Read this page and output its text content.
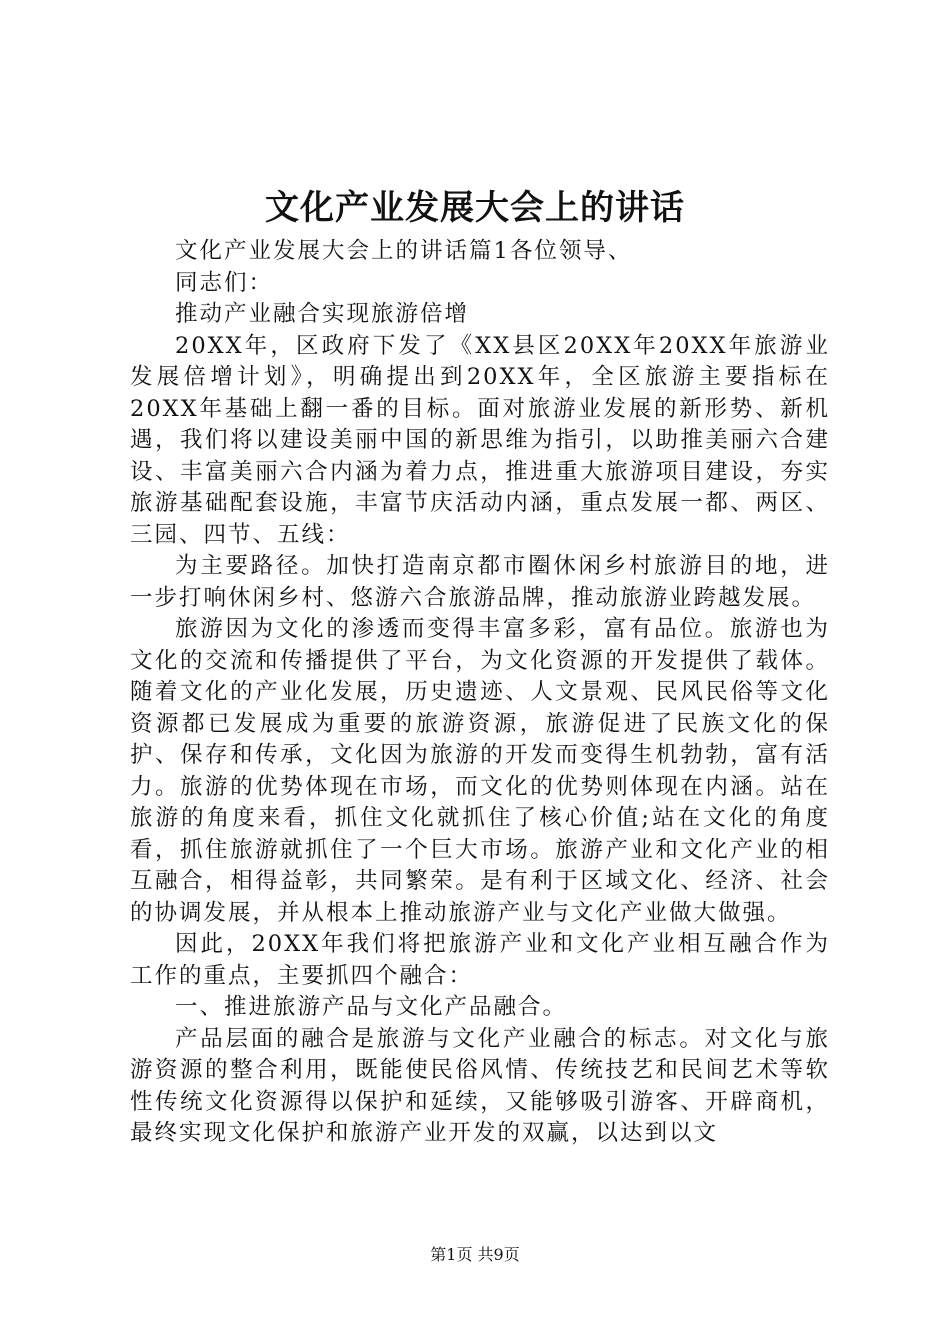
文化产业发展大会上的讲话

文化产业发展大会上的讲话篇1各位领导、

同志们：

推动产业融合实现旅游倍增

20XX年，区政府下发了《XX县区20XX年20XX年旅游业发展倍增计划》，明确提出到20XX年，全区旅游主要指标在20XX年基础上翻一番的目标。面对旅游业发展的新形势、新机遇，我们将以建设美丽中国的新思维为指引，以助推美丽六合建设、丰富美丽六合内涵为着力点，推进重大旅游项目建设，夯实旅游基础配套设施，丰富节庆活动内涵，重点发展一都、两区、三园、四节、五线：

为主要路径。加快打造南京都市圈休闲乡村旅游目的地，进一步打响休闲乡村、悠游六合旅游品牌，推动旅游业跨越发展。

旅游因为文化的渗透而变得丰富多彩，富有品位。旅游也为文化的交流和传播提供了平台，为文化资源的开发提供了载体。随着文化的产业化发展，历史遗迹、人文景观、民风民俗等文化资源都已发展成为重要的旅游资源，旅游促进了民族文化的保护、保存和传承，文化因为旅游的开发而变得生机勃勃，富有活力。旅游的优势体现在市场，而文化的优势则体现在内涵。站在旅游的角度来看，抓住文化就抓住了核心价值;站在文化的角度看，抓住旅游就抓住了一个巨大市场。旅游产业和文化产业的相互融合，相得益彰，共同繁荣。是有利于区域文化、经济、社会的协调发展，并从根本上推动旅游产业与文化产业做大做强。

因此，20XX年我们将把旅游产业和文化产业相互融合作为工作的重点，主要抓四个融合：

一、推进旅游产品与文化产品融合。

产品层面的融合是旅游与文化产业融合的标志。对文化与旅游资源的整合利用，既能使民俗风情、传统技艺和民间艺术等软性传统文化资源得以保护和延续，又能够吸引游客、开辟商机，最终实现文化保护和旅游产业开发的双赢，以达到以文

第1页 共9页
